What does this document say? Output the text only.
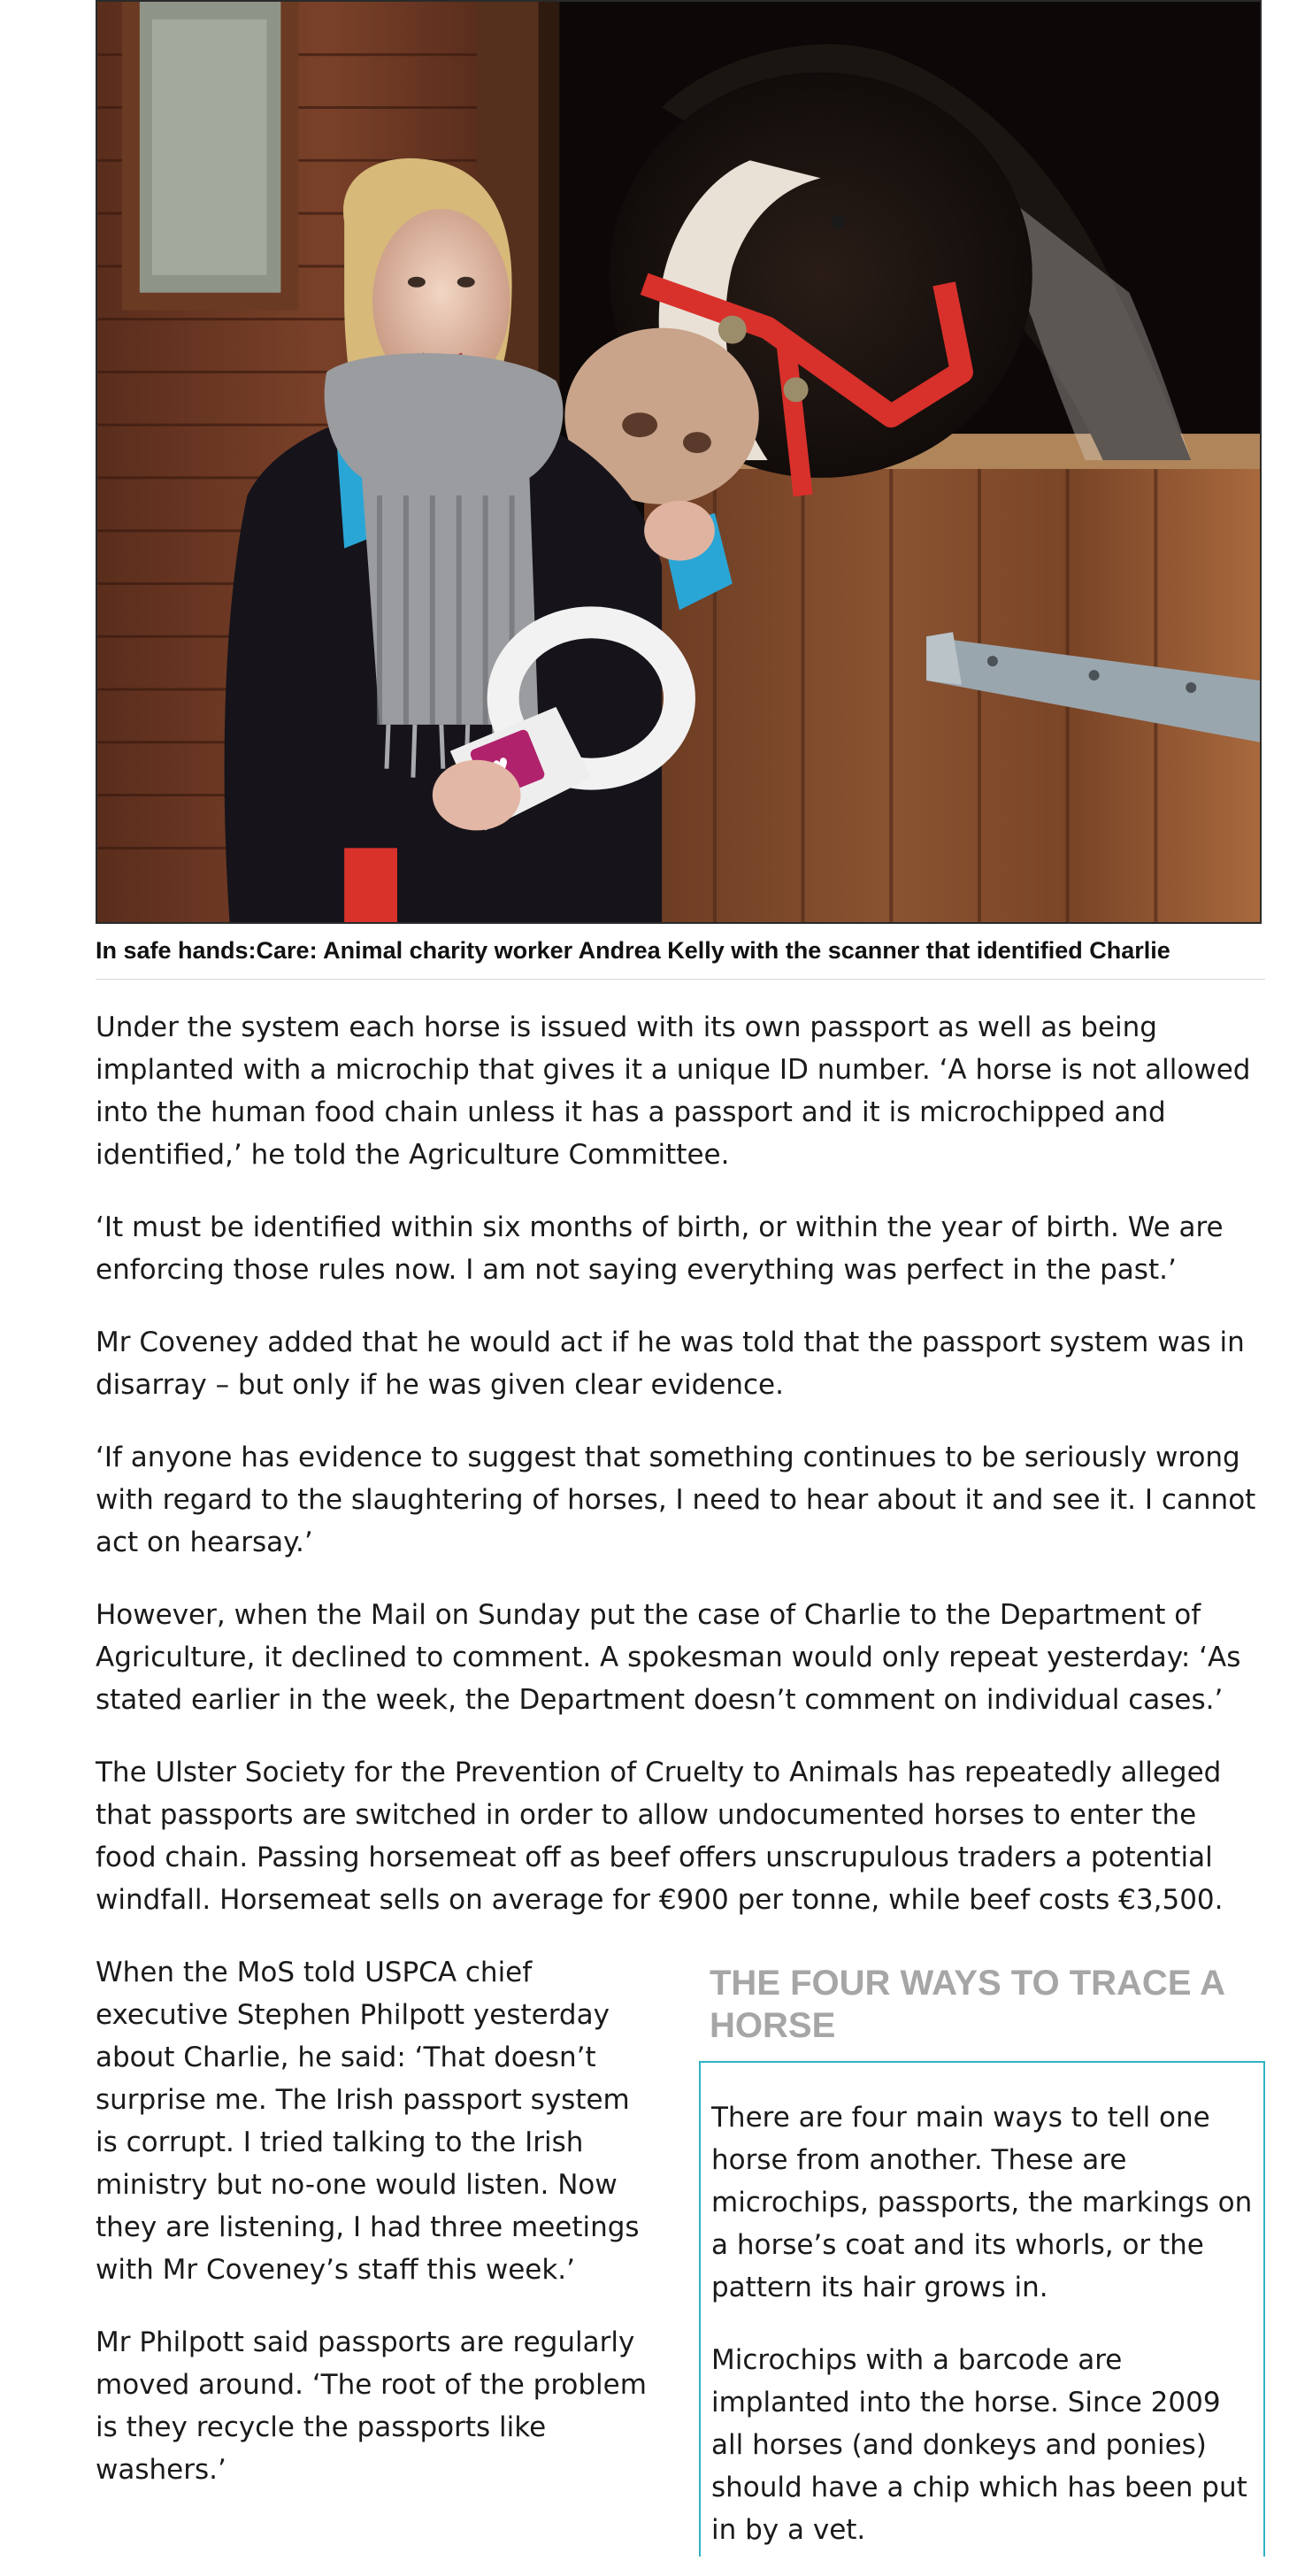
In safe hands:Care: Animal charity worker Andrea Kelly with the scanner that identified Charlie

Under the system each horse is issued with its own passport as well as being implanted with a microchip that gives it a unique ID number. ‘A horse is not allowed into the human food chain unless it has a passport and it is microchipped and identified,’ he told the Agriculture Committee.

‘It must be identified within six months of birth, or within the year of birth. We are enforcing those rules now. I am not saying everything was perfect in the past.’

Mr Coveney added that he would act if he was told that the passport system was in disarray – but only if he was given clear evidence.

‘If anyone has evidence to suggest that something continues to be seriously wrong with regard to the slaughtering of horses, I need to hear about it and see it. I cannot act on hearsay.’

However, when the Mail on Sunday put the case of Charlie to the Department of Agriculture, it declined to comment. A spokesman would only repeat yesterday: ‘As stated earlier in the week, the Department doesn’t comment on individual cases.’

The Ulster Society for the Prevention of Cruelty to Animals has repeatedly alleged that passports are switched in order to allow undocumented horses to enter the food chain. Passing horsemeat off as beef offers unscrupulous traders a potential windfall. Horsemeat sells on average for €900 per tonne, while beef costs €3,500.

When the MoS told USPCA chief executive Stephen Philpott yesterday about Charlie, he said: ‘That doesn’t surprise me. The Irish passport system is corrupt. I tried talking to the Irish ministry but no-one would listen. Now they are listening, I had three meetings with Mr Coveney’s staff this week.’

Mr Philpott said passports are regularly moved around. ‘The root of the problem is they recycle the passports like washers.’

THE FOUR WAYS TO TRACE A HORSE

There are four main ways to tell one horse from another. These are microchips, passports, the markings on a horse’s coat and its whorls, or the pattern its hair grows in.

Microchips with a barcode are implanted into the horse. Since 2009 all horses (and donkeys and ponies) should have a chip which has been put in by a vet.
